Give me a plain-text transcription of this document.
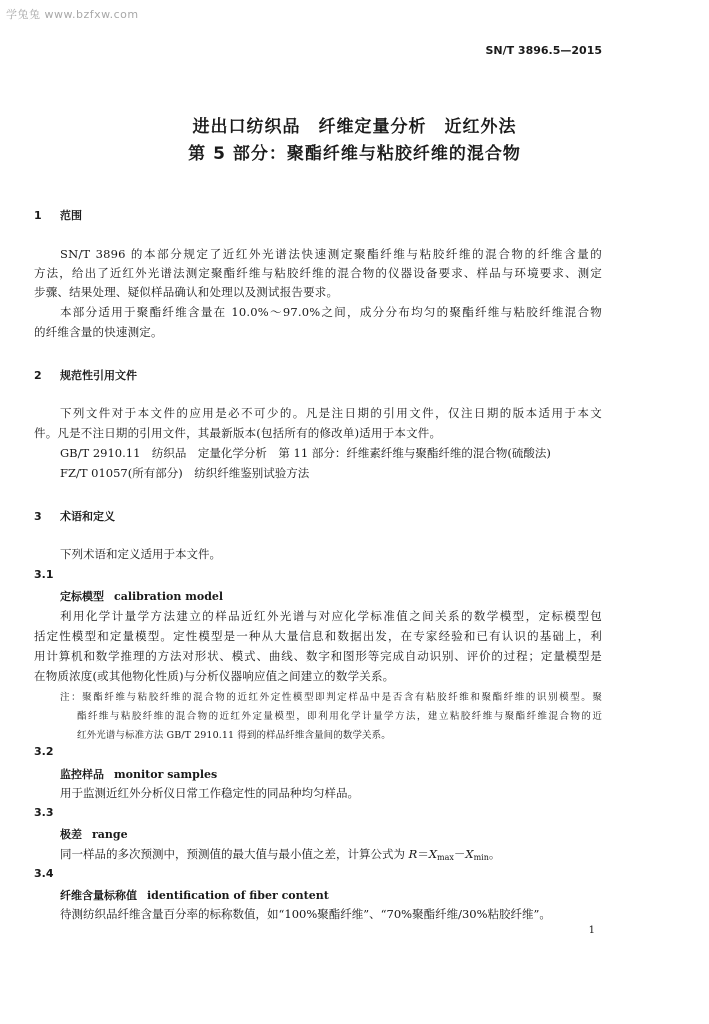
学兔兔 www.bzfxw.com
SN/T 3896.5—2015
进出口纺织品　纤维定量分析　近红外法
第 5 部分：聚酯纤维与粘胶纤维的混合物
1 范围
SN/T 3896 的本部分规定了近红外光谱法快速测定聚酯纤维与粘胶纤维的混合物的纤维含量的
方法，给出了近红外光谱法测定聚酯纤维与粘胶纤维的混合物的仪器设备要求、样品与环境要求、测定
步骤、结果处理、疑似样品确认和处理以及测试报告要求。
本部分适用于聚酯纤维含量在 10.0%～97.0%之间，成分分布均匀的聚酯纤维与粘胶纤维混合物
的纤维含量的快速测定。
2 规范性引用文件
下列文件对于本文件的应用是必不可少的。凡是注日期的引用文件，仅注日期的版本适用于本文
件。凡是不注日期的引用文件，其最新版本(包括所有的修改单)适用于本文件。
GB/T 2910.11　纺织品　定量化学分析　第 11 部分：纤维素纤维与聚酯纤维的混合物(硫酸法)
FZ/T 01057(所有部分)　纺织纤维鉴别试验方法
3 术语和定义
下列术语和定义适用于本文件。
3.1
定标模型 calibration model
利用化学计量学方法建立的样品近红外光谱与对应化学标准值之间关系的数学模型，定标模型包
括定性模型和定量模型。定性模型是一种从大量信息和数据出发，在专家经验和已有认识的基础上，利
用计算机和数学推理的方法对形状、模式、曲线、数字和图形等完成自动识别、评价的过程；定量模型是
在物质浓度(或其他物化性质)与分析仪器响应值之间建立的数学关系。
注：聚酯纤维与粘胶纤维的混合物的近红外定性模型即判定样品中是否含有粘胶纤维和聚酯纤维的识别模型。聚
酯纤维与粘胶纤维的混合物的近红外定量模型，即利用化学计量学方法，建立粘胶纤维与聚酯纤维混合物的近
红外光谱与标准方法 GB/T 2910.11 得到的样品纤维含量间的数学关系。
3.2
监控样品 monitor samples
用于监测近红外分析仪日常工作稳定性的同品种均匀样品。
3.3
极差 range
同一样品的多次预测中，预测值的最大值与最小值之差，计算公式为 $R=X_{max}-X_{min}$。
3.4
纤维含量标称值 identification of fiber content
待测纺织品纤维含量百分率的标称数值，如“100%聚酯纤维”、“70%聚酯纤维/30%粘胶纤维”。
1
